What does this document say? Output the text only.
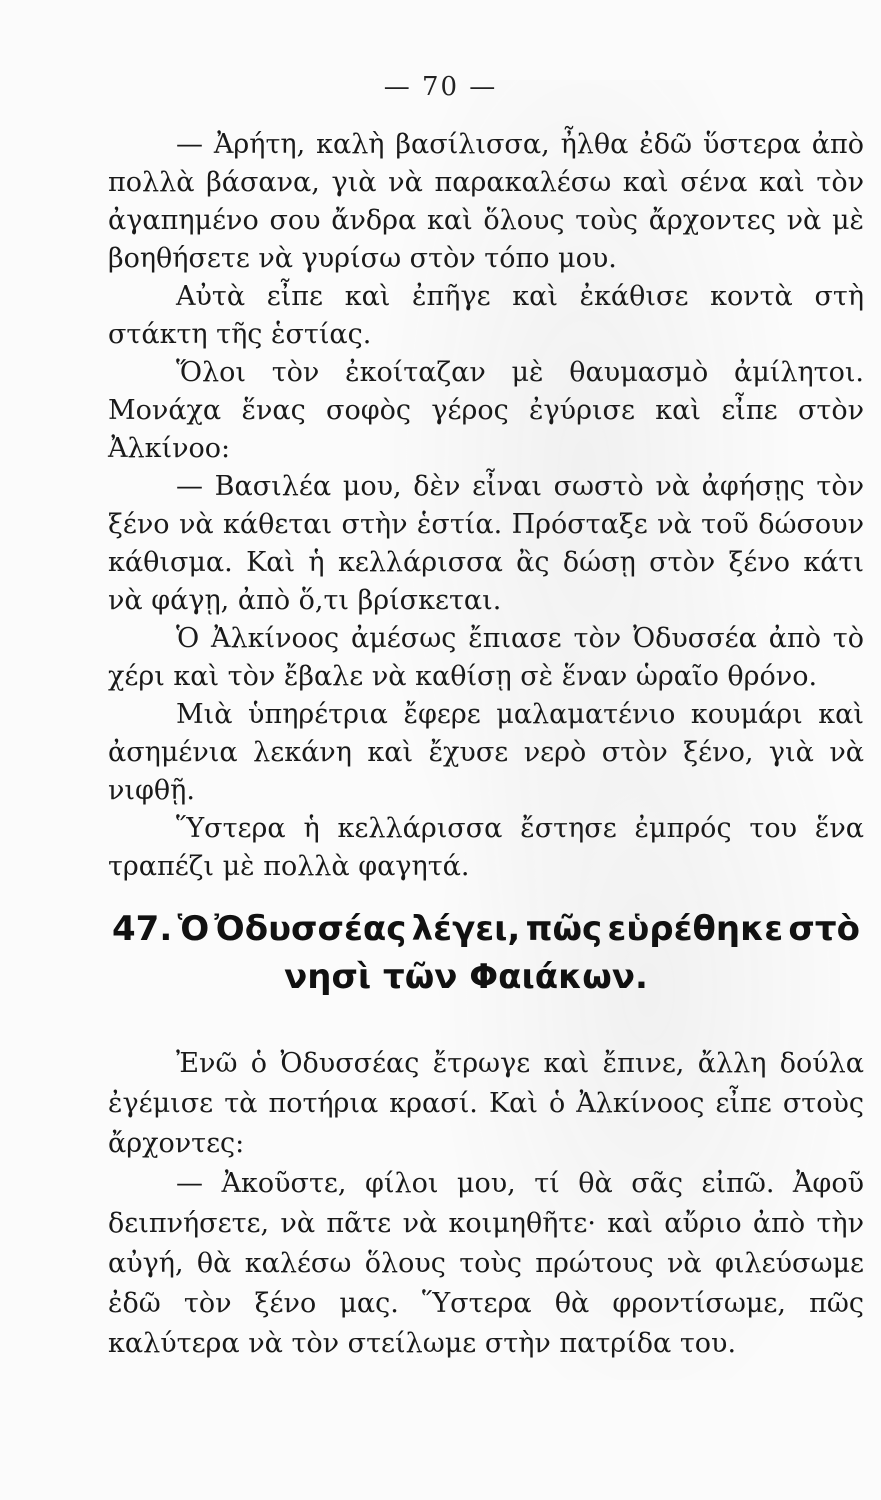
— 70 —

— Ἀρήτη, καλὴ βασίλισσα, ἦλθα ἐδῶ ὕστερα ἀπὸ πολλὰ βάσανα, γιὰ νὰ παρακαλέσω καὶ σένα καὶ τὸν ἀγαπημένο σου ἄνδρα καὶ ὅλους τοὺς ἄρχοντες νὰ μὲ βοηθήσετε νὰ γυρίσω στὸν τόπο μου.

Αὐτὰ εἶπε καὶ ἐπῆγε καὶ ἐκάθισε κοντὰ στὴ στάκτη τῆς ἑστίας.

Ὅλοι τὸν ἐκοίταζαν μὲ θαυμασμὸ ἀμίλητοι. Μονάχα ἕνας σοφὸς γέρος ἐγύρισε καὶ εἶπε στὸν Ἀλκίνοο:

— Βασιλέα μου, δὲν εἶναι σωστὸ νὰ ἀφήσῃς τὸν ξένο νὰ κάθεται στὴν ἑστία. Πρόσταξε νὰ τοῦ δώσουν κάθισμα. Καὶ ἡ κελλάρισσα ἂς δώσῃ στὸν ξένο κάτι νὰ φάγῃ, ἀπὸ ὅ,τι βρίσκεται.

Ὁ Ἀλκίνοος ἀμέσως ἔπιασε τὸν Ὀδυσσέα ἀπὸ τὸ χέρι καὶ τὸν ἔβαλε νὰ καθίσῃ σὲ ἕναν ὡραῖο θρόνο.

Μιὰ ὑπηρέτρια ἔφερε μαλαματένιο κουμάρι καὶ ἀσημένια λεκάνη καὶ ἔχυσε νερὸ στὸν ξένο, γιὰ νὰ νιφθῇ.

Ὕστερα ἡ κελλάρισσα ἔστησε ἐμπρός του ἕνα τραπέζι μὲ πολλὰ φαγητά.

47. Ὁ Ὀδυσσέας λέγει, πῶς εὑρέθηκε στὸ
νησὶ τῶν Φαιάκων.

Ἐνῶ ὁ Ὀδυσσέας ἔτρωγε καὶ ἔπινε, ἄλλη δούλα ἐγέμισε τὰ ποτήρια κρασί. Καὶ ὁ Ἀλκίνοος εἶπε στοὺς ἄρχοντες:

— Ἀκοῦστε, φίλοι μου, τί θὰ σᾶς εἰπῶ. Ἀφοῦ δειπνήσετε, νὰ πᾶτε νὰ κοιμηθῆτε· καὶ αὔριο ἀπὸ τὴν αὐγή, θὰ καλέσω ὅλους τοὺς πρώτους νὰ φιλεύσωμε ἐδῶ τὸν ξένο μας. Ὕστερα θὰ φροντίσωμε, πῶς καλύτερα νὰ τὸν στείλωμε στὴν πατρίδα του.
